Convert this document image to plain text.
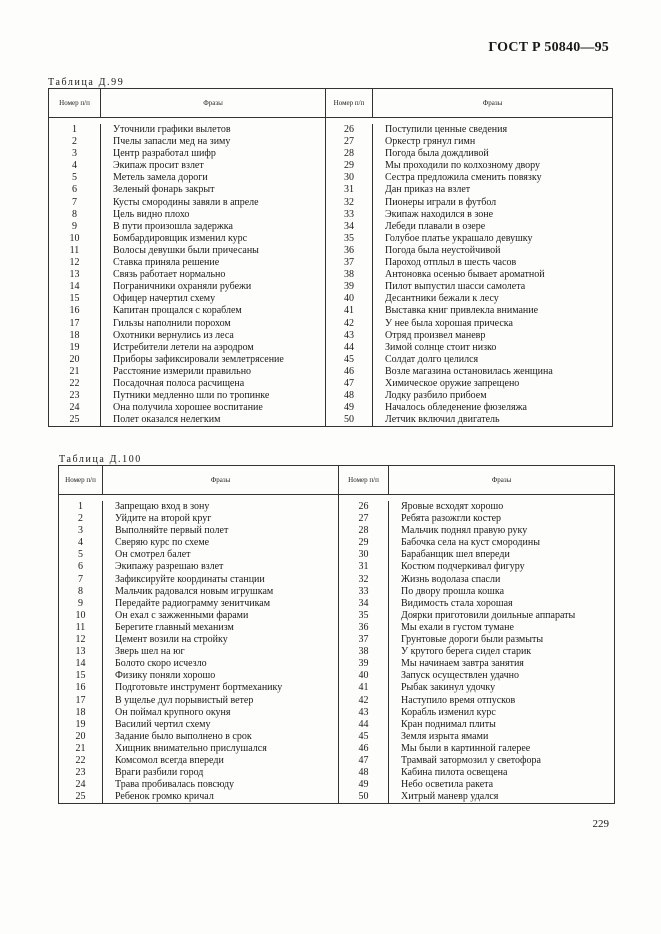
ГОСТ Р 50840—95
Таблица Д.99
Номер п/п	Фразы	Номер п/п	Фразы

1	Уточнили графики вылетов	26	Поступили ценные сведения
2	Пчелы запасли мед на зиму	27	Оркестр грянул гимн
3	Центр разработал шифр	28	Погода была дождливой
4	Экипаж просит взлет	29	Мы проходили по колхозному двору
5	Метель замела дороги	30	Сестра предложила сменить повязку
6	Зеленый фонарь закрыт	31	Дан приказ на взлет
7	Кусты смородины завяли в апреле	32	Пионеры играли в футбол
8	Цель видно плохо	33	Экипаж находился в зоне
9	В пути произошла задержка	34	Лебеди плавали в озере
10	Бомбардировщик изменил курс	35	Голубое платье украшало девушку
11	Волосы девушки были причесаны	36	Погода была неустойчивой
12	Ставка приняла решение	37	Пароход отплыл в шесть часов
13	Связь работает нормально	38	Антоновка осенью бывает ароматной
14	Пограничники охраняли рубежи	39	Пилот выпустил шасси самолета
15	Офицер начертил схему	40	Десантники бежали к лесу
16	Капитан прощался с кораблем	41	Выставка книг привлекла внимание
17	Гильзы наполнили порохом	42	У нее была хорошая прическа
18	Охотники вернулись из леса	43	Отряд произвел маневр
19	Истребители летели на аэродром	44	Зимой солнце стоит низко
20	Приборы зафиксировали землетрясение	45	Солдат долго целился
21	Расстояние измерили правильно	46	Возле магазина остановилась женщина
22	Посадочная полоса расчищена	47	Химическое оружие запрещено
23	Путники медленно шли по тропинке	48	Лодку разбило прибоем
24	Она получила хорошее воспитание	49	Началось обледенение фюзеляжа
25	Полет оказался нелегким	50	Летчик включил двигатель
Таблица Д.100
Номер п/п	Фразы	Номер п/п	Фразы

1	Запрещаю вход в зону	26	Яровые всходят хорошо
2	Уйдите на второй круг	27	Ребята разожгли костер
3	Выполняйте первый полет	28	Мальчик поднял правую руку
4	Сверяю курс по схеме	29	Бабочка села на куст смородины
5	Он смотрел балет	30	Барабанщик шел впереди
6	Экипажу разрешаю взлет	31	Костюм подчеркивал фигуру
7	Зафиксируйте координаты станции	32	Жизнь водолаза спасли
8	Мальчик радовался новым игрушкам	33	По двору прошла кошка
9	Передайте радиограмму зенитчикам	34	Видимость стала хорошая
10	Он ехал с зажженными фарами	35	Доярки приготовили доильные аппараты
11	Берегите главный механизм	36	Мы ехали в густом тумане
12	Цемент возили на стройку	37	Грунтовые дороги были размыты
13	Зверь шел на юг	38	У крутого берега сидел старик
14	Болото скоро исчезло	39	Мы начинаем завтра занятия
15	Физику поняли хорошо	40	Запуск осуществлен удачно
16	Подготовьте инструмент бортмеханику	41	Рыбак закинул удочку
17	В ущелье дул порывистый ветер	42	Наступило время отпусков
18	Он поймал крупного окуня	43	Корабль изменил курс
19	Василий чертил схему	44	Кран поднимал плиты
20	Задание было выполнено в срок	45	Земля изрыта ямами
21	Хищник внимательно прислушался	46	Мы были в картинной галерее
22	Комсомол всегда впереди	47	Трамвай затормозил у светофора
23	Враги разбили город	48	Кабина пилота освещена
24	Трава пробивалась повсюду	49	Небо осветила ракета
25	Ребенок громко кричал	50	Хитрый маневр удался
229
